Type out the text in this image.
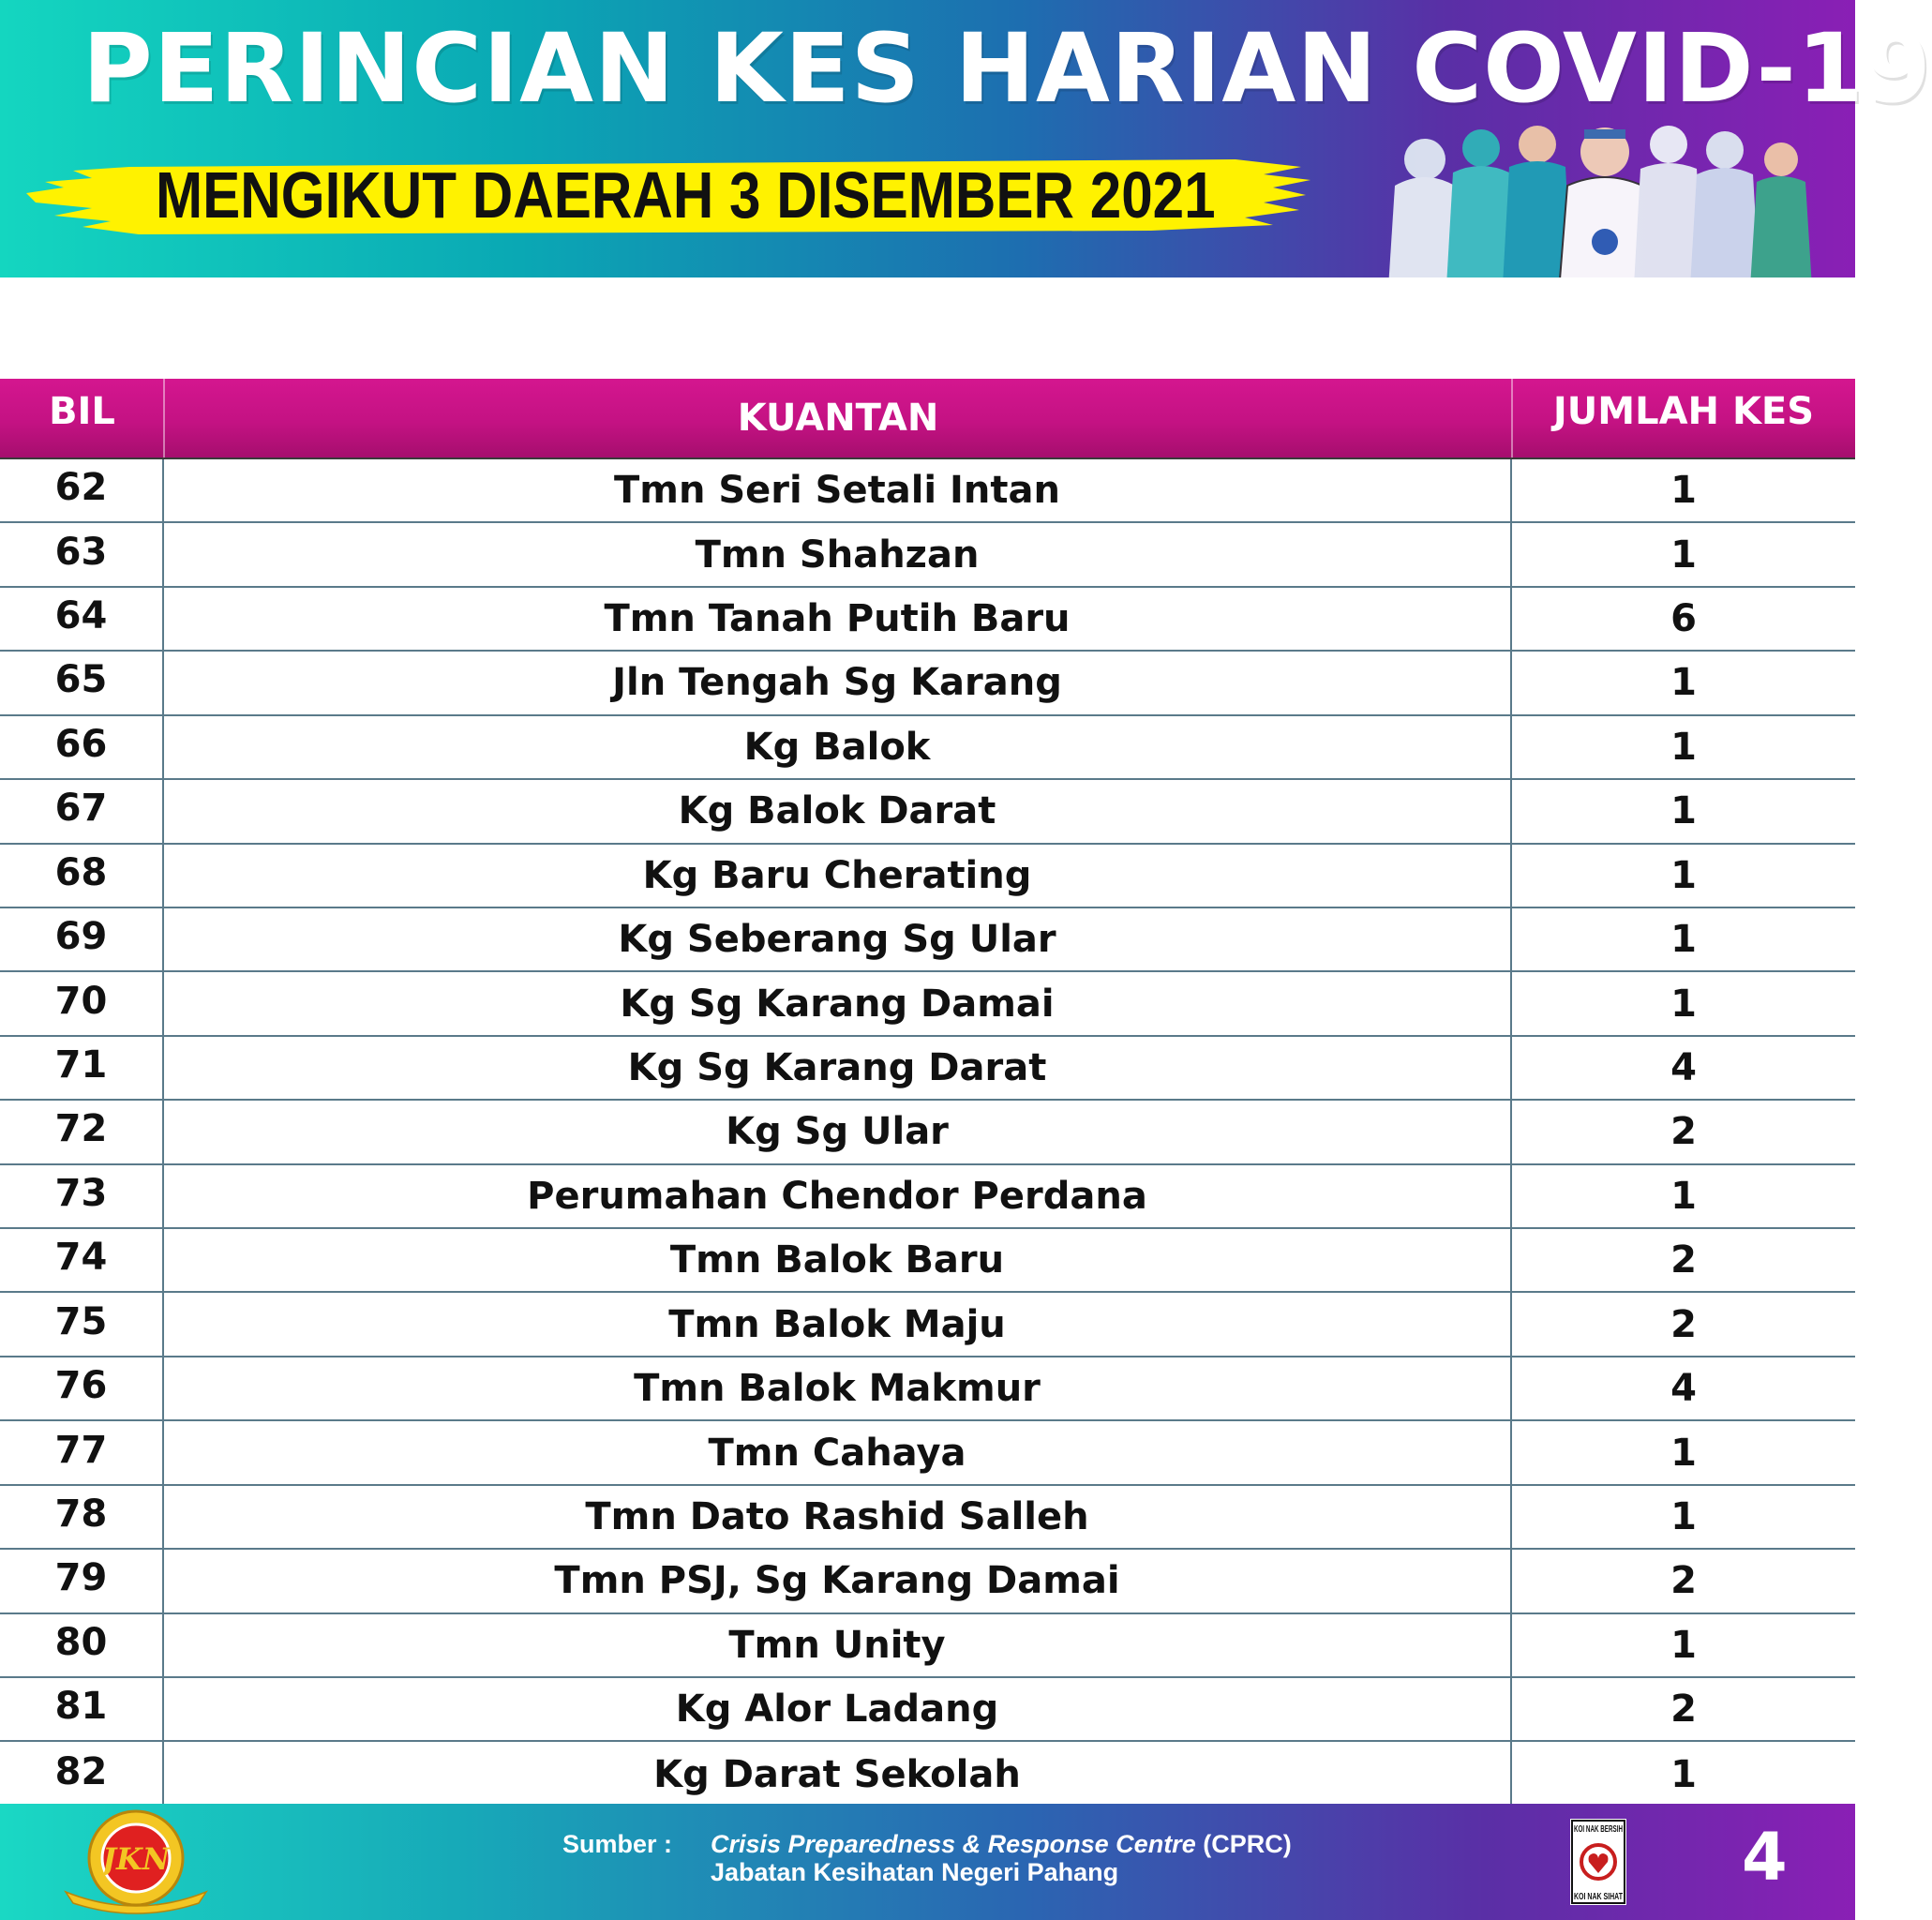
PERINCIAN KES HARIAN COVID-19
MENGIKUT DAERAH 3 DISEMBER 2021
BIL	KUANTAN	JUMLAH KES
62	Tmn Seri Setali Intan	1
63	Tmn Shahzan	1
64	Tmn Tanah Putih Baru	6
65	Jln Tengah Sg Karang	1
66	Kg Balok	1
67	Kg Balok Darat	1
68	Kg Baru Cherating	1
69	Kg Seberang Sg Ular	1
70	Kg Sg Karang Damai	1
71	Kg Sg Karang Darat	4
72	Kg Sg Ular	2
73	Perumahan Chendor Perdana	1
74	Tmn Balok Baru	2
75	Tmn Balok Maju	2
76	Tmn Balok Makmur	4
77	Tmn Cahaya	1
78	Tmn Dato Rashid Salleh	1
79	Tmn PSJ, Sg Karang Damai	2
80	Tmn Unity	1
81	Kg Alor Ladang	2
82	Kg Darat Sekolah	1
JKN	Sumber : Crisis Preparedness & Response Centre (CPRC)
Jabatan Kesihatan Negeri Pahang
KOI NAK BERSIH
KOI NAK SIHAT
4
